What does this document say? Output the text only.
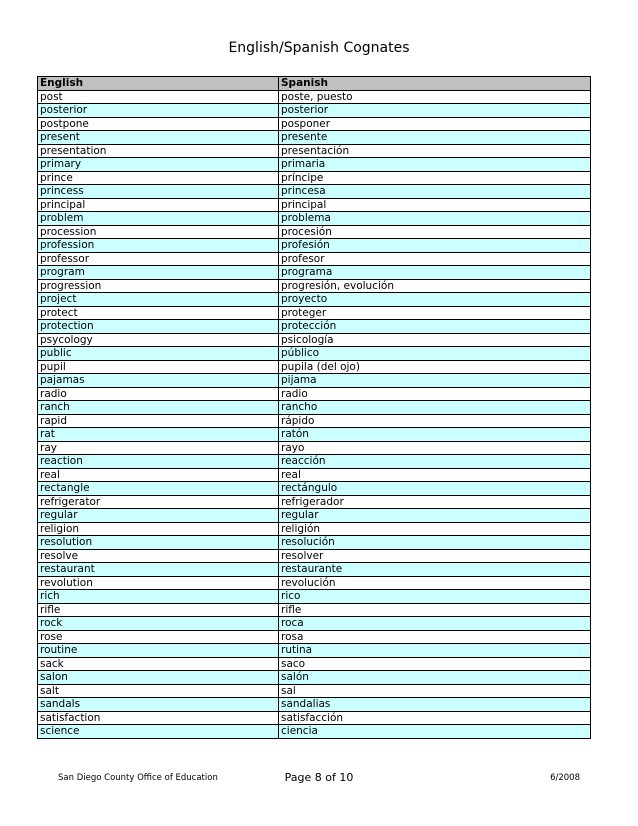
English/Spanish Cognates
English	Spanish
post	poste, puesto
posterior	posterior
postpone	posponer
present	presente
presentation	presentación
primary	primaria
prince	príncipe
princess	princesa
principal	principal
problem	problema
procession	procesión
profession	profesión
professor	profesor
program	programa
progression	progresión, evolución
project	proyecto
protect	proteger
protection	protección
psycology	psicología
public	público
pupil	pupila (del ojo)
pajamas	pijama
radio	radio
ranch	rancho
rapid	rápido
rat	ratón
ray	rayo
reaction	reacción
real	real
rectangle	rectángulo
refrigerator	refrigerador
regular	regular
religion	religión
resolution	resolución
resolve	resolver
restaurant	restaurante
revolution	revolución
rich	rico
rifle	rifle
rock	roca
rose	rosa
routine	rutina
sack	saco
salon	salón
salt	sal
sandals	sandalias
satisfaction	satisfacción
science	ciencia
San Diego County Office of Education	Page 8 of 10	6/2008
